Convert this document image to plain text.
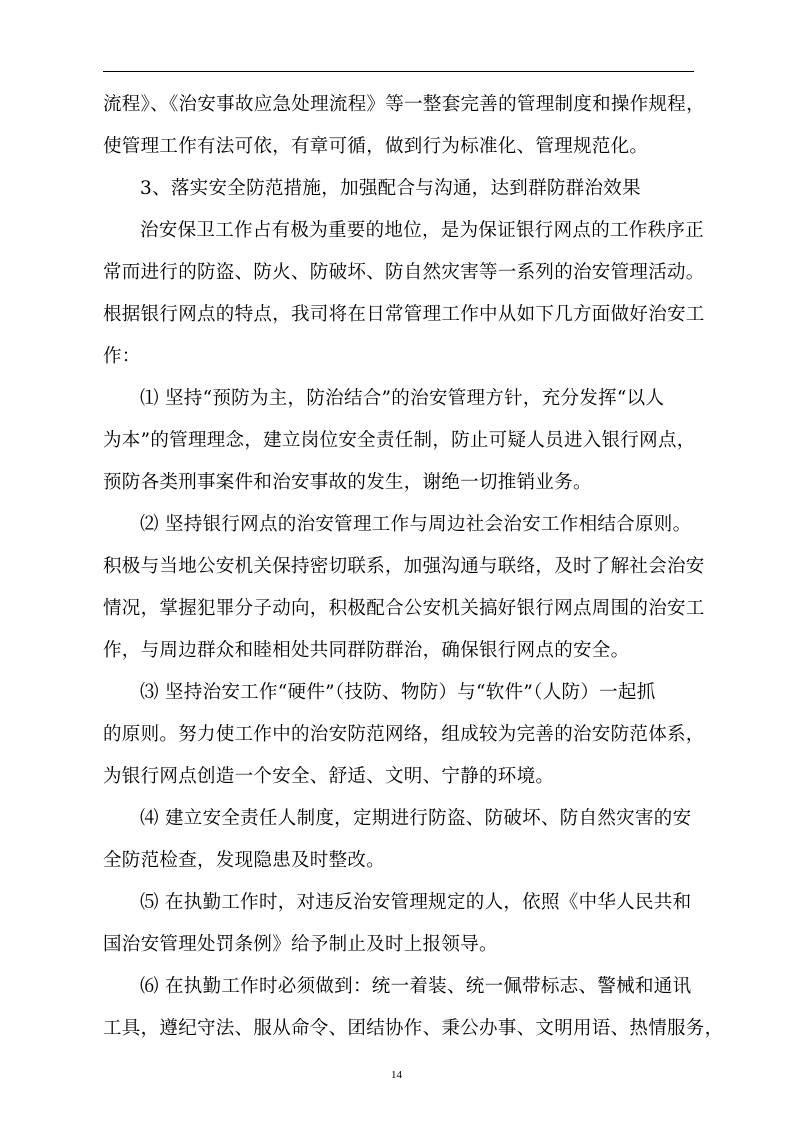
流程》、《治安事故应急处理流程》等一整套完善的管理制度和操作规程，
使管理工作有法可依，有章可循，做到行为标准化、管理规范化。
3、落实安全防范措施，加强配合与沟通，达到群防群治效果
治安保卫工作占有极为重要的地位，是为保证银行网点的工作秩序正
常而进行的防盗、防火、防破坏、防自然灾害等一系列的治安管理活动。
根据银行网点的特点，我司将在日常管理工作中从如下几方面做好治安工
作：
⑴ 坚持“预防为主，防治结合”的治安管理方针，充分发挥“以人
为本”的管理理念，建立岗位安全责任制，防止可疑人员进入银行网点，
预防各类刑事案件和治安事故的发生，谢绝一切推销业务。
⑵ 坚持银行网点的治安管理工作与周边社会治安工作相结合原则。
积极与当地公安机关保持密切联系，加强沟通与联络，及时了解社会治安
情况，掌握犯罪分子动向，积极配合公安机关搞好银行网点周围的治安工
作，与周边群众和睦相处共同群防群治，确保银行网点的安全。
⑶ 坚持治安工作“硬件”（技防、物防）与“软件”（人防）一起抓
的原则。努力使工作中的治安防范网络，组成较为完善的治安防范体系，
为银行网点创造一个安全、舒适、文明、宁静的环境。
⑷ 建立安全责任人制度，定期进行防盗、防破坏、防自然灾害的安
全防范检查，发现隐患及时整改。
⑸ 在执勤工作时，对违反治安管理规定的人，依照《中华人民共和
国治安管理处罚条例》给予制止及时上报领导。
⑹ 在执勤工作时必须做到：统一着装、统一佩带标志、警械和通讯
工具，遵纪守法、服从命令、团结协作、秉公办事、文明用语、热情服务，
14
